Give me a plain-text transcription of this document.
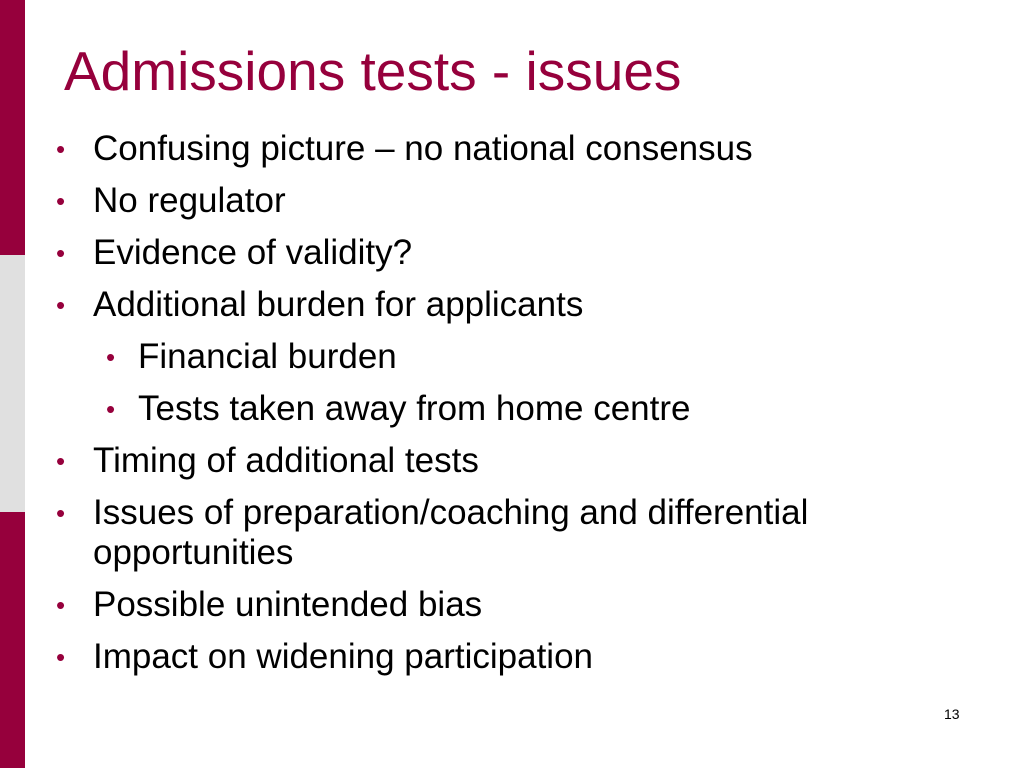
Admissions tests - issues
• Confusing picture – no national consensus
• No regulator
• Evidence of validity?
• Additional burden for applicants
• Financial burden
• Tests taken away from home centre
• Timing of additional tests
• Issues of preparation/coaching and differential opportunities
• Possible unintended bias
• Impact on widening participation
13
